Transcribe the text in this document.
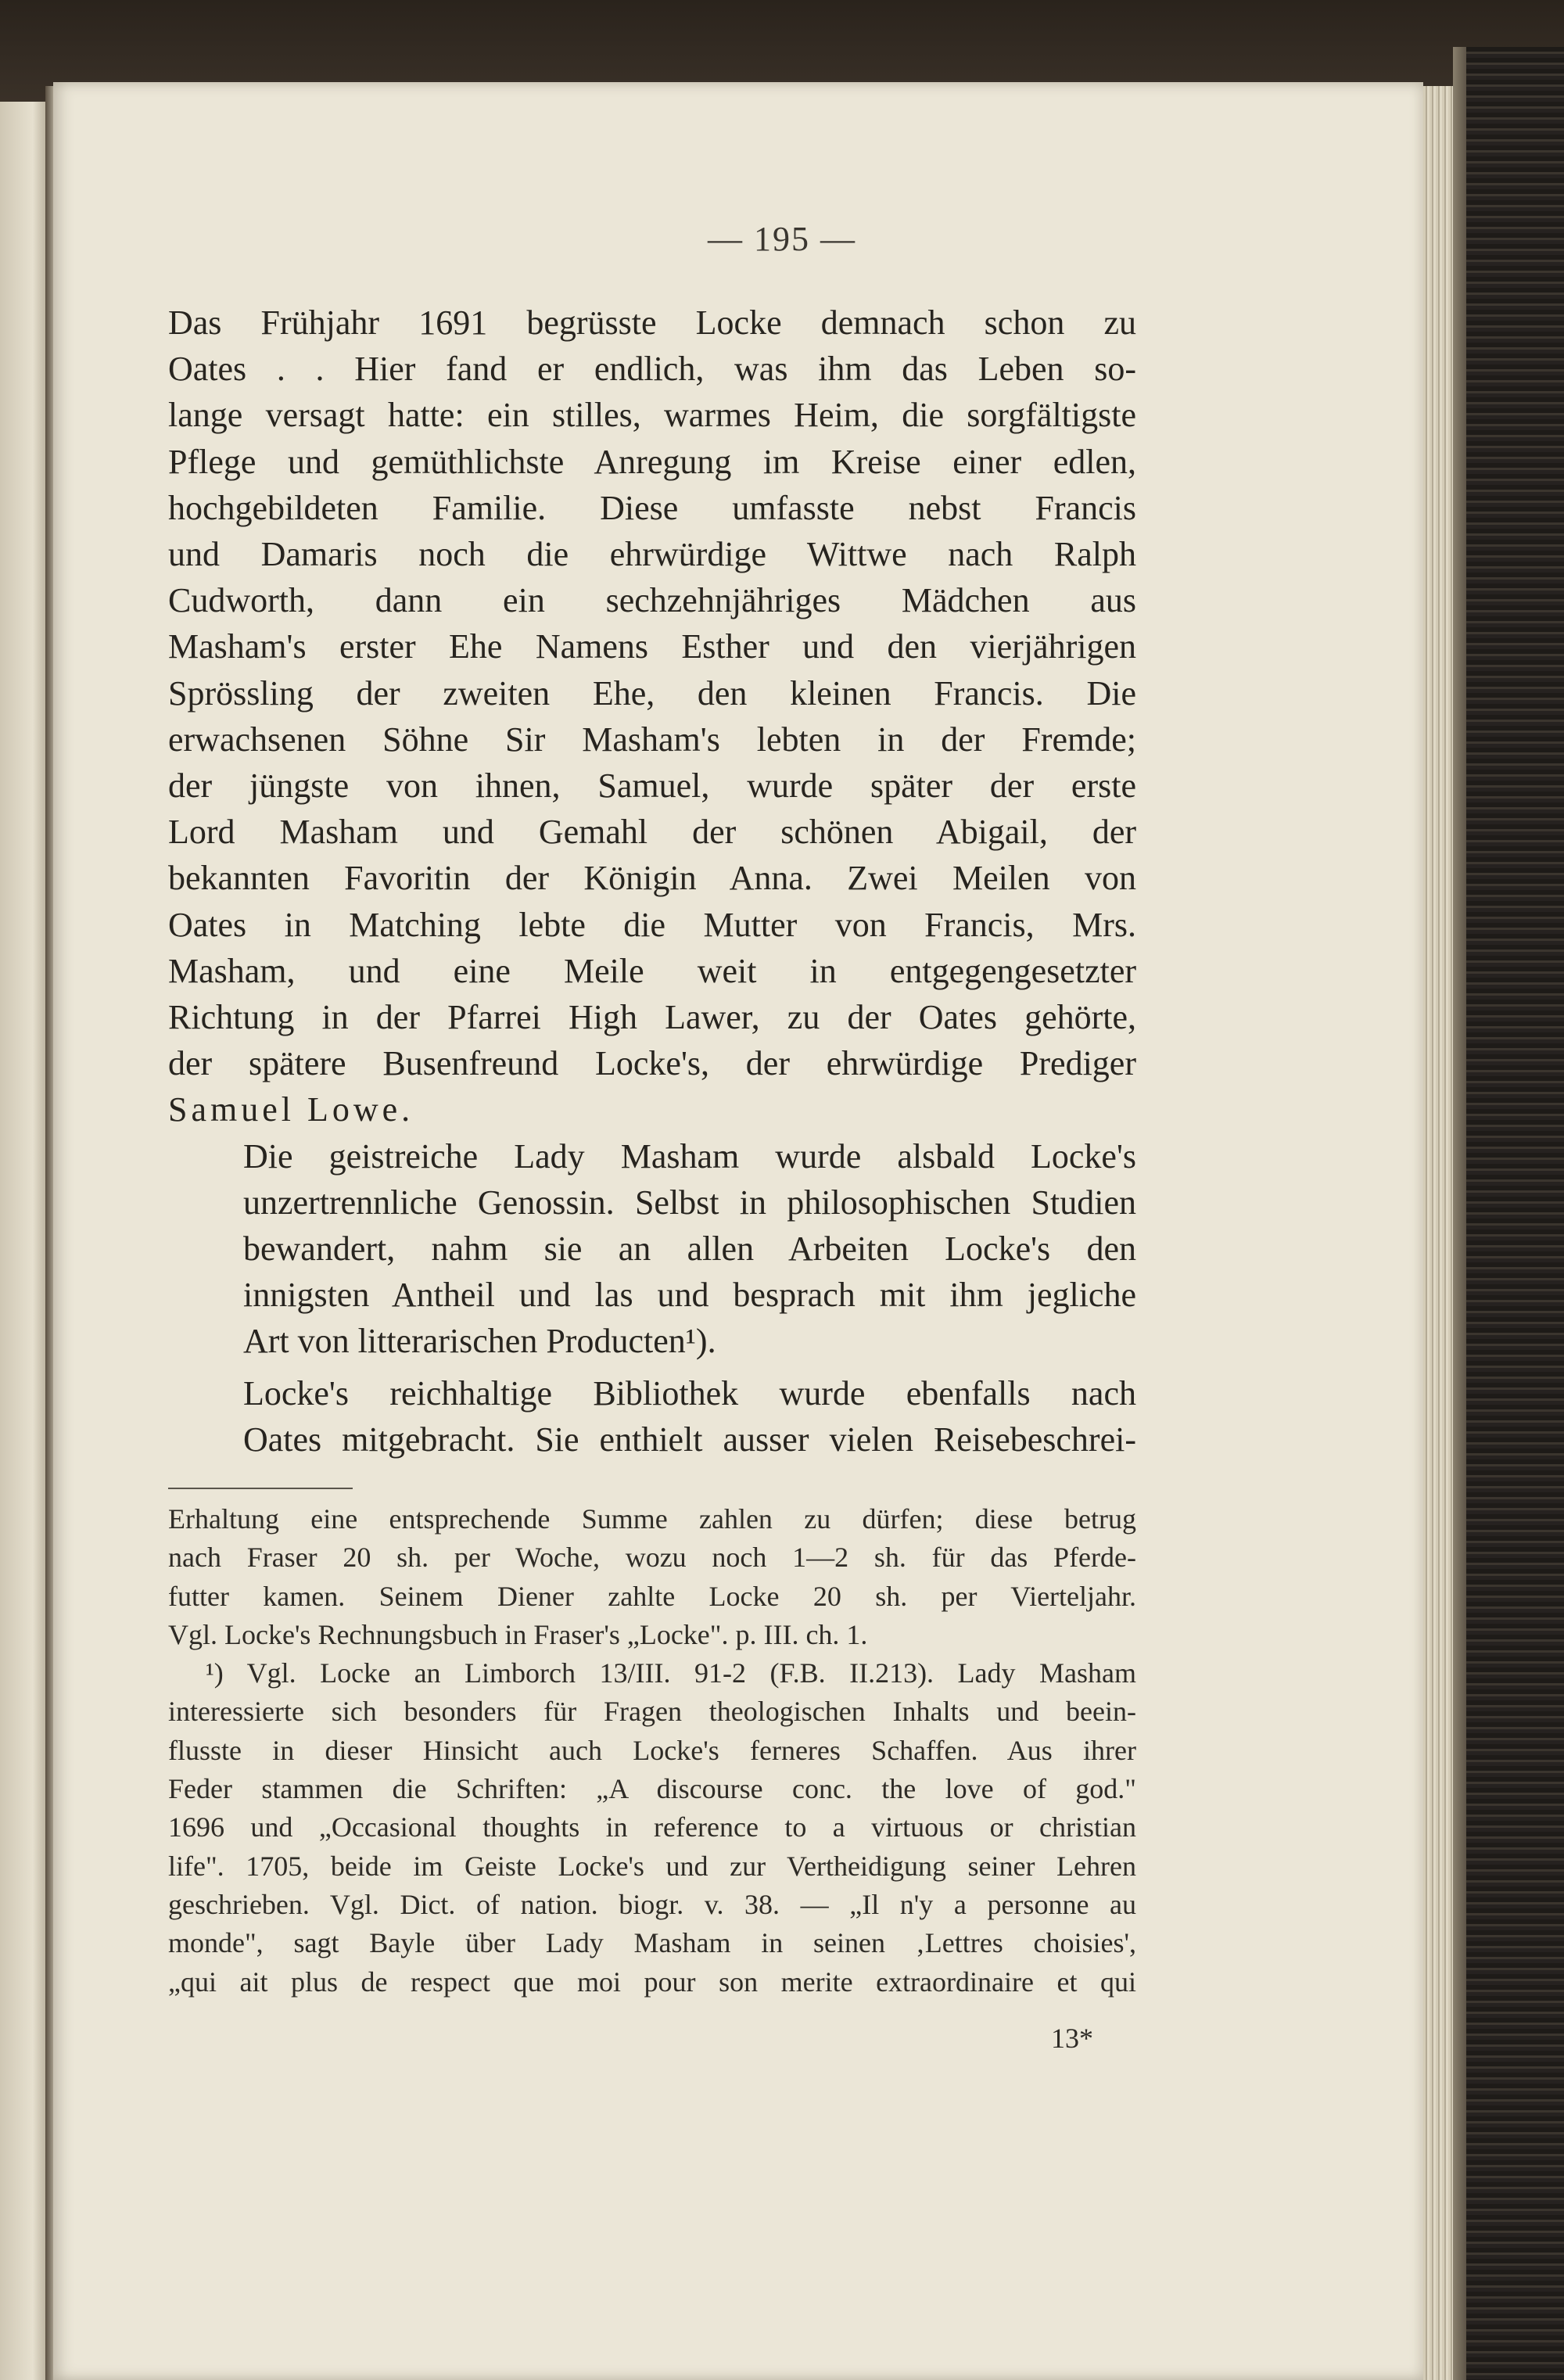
— 195 —

Das Frühjahr 1691 begrüsste Locke demnach schon zu
Oates . . Hier fand er endlich, was ihm das Leben so-
lange versagt hatte: ein stilles, warmes Heim, die sorgfältigste
Pflege und gemüthlichste Anregung im Kreise einer edlen,
hochgebildeten Familie. Diese umfasste nebst Francis
und Damaris noch die ehrwürdige Wittwe nach Ralph
Cudworth, dann ein sechzehnjähriges Mädchen aus
Masham's erster Ehe Namens Esther und den vierjährigen
Sprössling der zweiten Ehe, den kleinen Francis. Die
erwachsenen Söhne Sir Masham's lebten in der Fremde;
der jüngste von ihnen, Samuel, wurde später der erste
Lord Masham und Gemahl der schönen Abigail, der
bekannten Favoritin der Königin Anna. Zwei Meilen von
Oates in Matching lebte die Mutter von Francis, Mrs.
Masham, und eine Meile weit in entgegengesetzter
Richtung in der Pfarrei High Lawer, zu der Oates gehörte,
der spätere Busenfreund Locke's, der ehrwürdige Prediger
Samuel Lowe.

Die geistreiche Lady Masham wurde alsbald Locke's
unzertrennliche Genossin. Selbst in philosophischen Studien
bewandert, nahm sie an allen Arbeiten Locke's den
innigsten Antheil und las und besprach mit ihm jegliche
Art von litterarischen Producten¹).

Locke's reichhaltige Bibliothek wurde ebenfalls nach
Oates mitgebracht. Sie enthielt ausser vielen Reisebeschrei-

Erhaltung eine entsprechende Summe zahlen zu dürfen; diese betrug
nach Fraser 20 sh. per Woche, wozu noch 1—2 sh. für das Pferde-
futter kamen. Seinem Diener zahlte Locke 20 sh. per Vierteljahr.
Vgl. Locke's Rechnungsbuch in Fraser's „Locke". p. III. ch. 1.
¹) Vgl. Locke an Limborch 13/III. 91-2 (F.B. II.213). Lady Masham
interessierte sich besonders für Fragen theologischen Inhalts und beein-
flusste in dieser Hinsicht auch Locke's ferneres Schaffen. Aus ihrer
Feder stammen die Schriften: „A discourse conc. the love of god."
1696 und „Occasional thoughts in reference to a virtuous or christian
life". 1705, beide im Geiste Locke's und zur Vertheidigung seiner Lehren
geschrieben. Vgl. Dict. of nation. biogr. v. 38. — „Il n'y a personne au
monde", sagt Bayle über Lady Masham in seinen ‚Lettres choisies',
„qui ait plus de respect que moi pour son merite extraordinaire et qui
13*
